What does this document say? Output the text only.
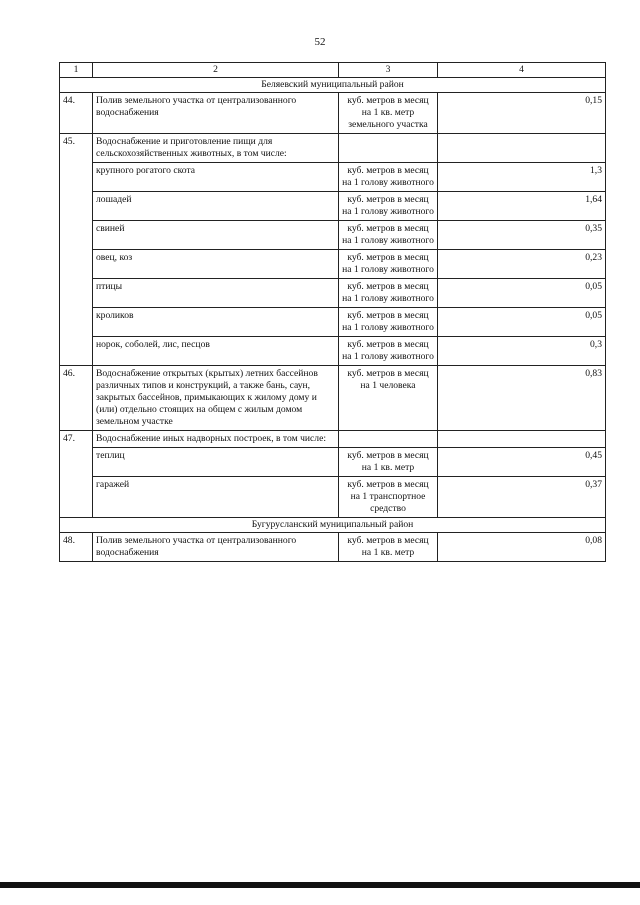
52
1	2	3	4
Беляевский муниципальный район			
44.	Полив земельного участка от централизованного водоснабжения	куб. метров в месяц на 1 кв. метр земельного участка	0,15
45.	Водоснабжение и приготовление пищи для сельскохозяйственных животных, в том числе:		
	крупного рогатого скота	куб. метров в месяц на 1 голову животного	1,3
	лошадей	куб. метров в месяц на 1 голову животного	1,64
	свиней	куб. метров в месяц на 1 голову животного	0,35
	овец, коз	куб. метров в месяц на 1 голову животного	0,23
	птицы	куб. метров в месяц на 1 голову животного	0,05
	кроликов	куб. метров в месяц на 1 голову животного	0,05
	норок, соболей, лис, песцов	куб. метров в месяц на 1 голову животного	0,3
46.	Водоснабжение открытых (крытых) летних бассейнов различных типов и конструкций, а также бань, саун, закрытых бассейнов, примыкающих к жилому дому и (или) отдельно стоящих на общем с жилым домом земельном участке	куб. метров в месяц на 1 человека	0,83
47.	Водоснабжение иных надворных построек, в том числе:		
	теплиц	куб. метров в месяц на 1 кв. метр	0,45
	гаражей	куб. метров в месяц на 1 транспортное средство	0,37
Бугурусланский муниципальный район			
48.	Полив земельного участка от централизованного водоснабжения	куб. метров в месяц на 1 кв. метр	0,08
